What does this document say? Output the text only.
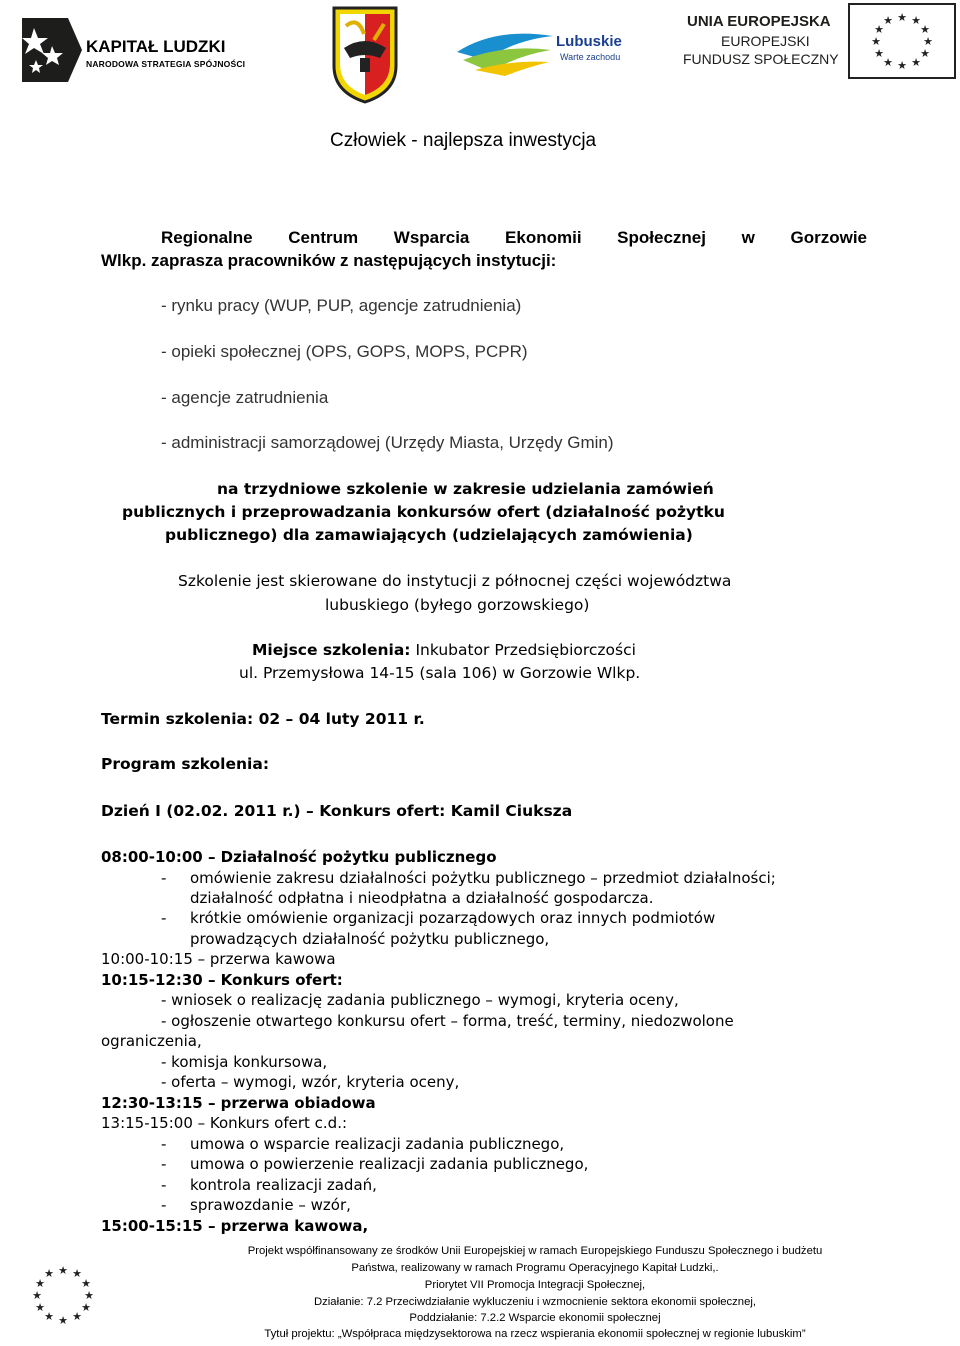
KAPITAŁ LUDZKI
NARODOWA STRATEGIA SPÓJNOŚCI
Lubuskie
Warte zachodu
UNIA EUROPEJSKA
EUROPEJSKI
FUNDUSZ SPOŁECZNY
★ ★
★
★
★
★
★
★
★
★
★
★
Człowiek - najlepsza inwestycja
Regionalne Centrum Wsparcia Ekonomii Społecznej w Gorzowie
Wlkp. zaprasza pracowników z następujących instytucji:
- rynku pracy (WUP, PUP, agencje zatrudnienia)
- opieki społecznej (OPS, GOPS, MOPS, PCPR)
- agencje zatrudnienia
- administracji samorządowej (Urzędy Miasta, Urzędy Gmin)
na trzydniowe szkolenie w zakresie udzielania zamówień
publicznych i przeprowadzania konkursów ofert (działalność pożytku
publicznego) dla zamawiających (udzielających zamówienia)
Szkolenie jest skierowane do instytucji z północnej części województwa
lubuskiego (byłego gorzowskiego)
Miejsce szkolenia: Inkubator Przedsiębiorczości
ul. Przemysłowa 14-15 (sala 106) w Gorzowie Wlkp.
Termin szkolenia: 02 – 04 luty 2011 r.
Program szkolenia:
Dzień I (02.02. 2011 r.) – Konkurs ofert: Kamil Ciuksza
08:00-10:00 – Działalność pożytku publicznego
- omówienie zakresu działalności pożytku publicznego – przedmiot działalności;
działalność odpłatna i nieodpłatna a działalność gospodarcza.
- krótkie omówienie organizacji pozarządowych oraz innych podmiotów
prowadzących działalność pożytku publicznego,
10:00-10:15 – przerwa kawowa
10:15-12:30 – Konkurs ofert:
- wniosek o realizację zadania publicznego – wymogi, kryteria oceny,
- ogłoszenie otwartego konkursu ofert – forma, treść, terminy, niedozwolone
ograniczenia,
- komisja konkursowa,
- oferta – wymogi, wzór, kryteria oceny,
12:30-13:15 – przerwa obiadowa
13:15-15:00 – Konkurs ofert c.d.:
- umowa o wsparcie realizacji zadania publicznego,
- umowa o powierzenie realizacji zadania publicznego,
- kontrola realizacji zadań,
- sprawozdanie – wzór,
15:00-15:15 – przerwa kawowa,
★ ★
★
★
★
★
★
★
★
★
★
★
Projekt współfinansowany ze środków Unii Europejskiej w ramach Europejskiego Funduszu Społecznego i budżetu
Państwa, realizowany w ramach Programu Operacyjnego Kapitał Ludzki,.
Priorytet VII Promocja Integracji Społecznej,
Działanie: 7.2 Przeciwdziałanie wykluczeniu i wzmocnienie sektora ekonomii społecznej,
Poddziałanie: 7.2.2 Wsparcie ekonomii społecznej
Tytuł projektu: „Współpraca międzysektorowa na rzecz wspierania ekonomii społecznej w regionie lubuskim”
